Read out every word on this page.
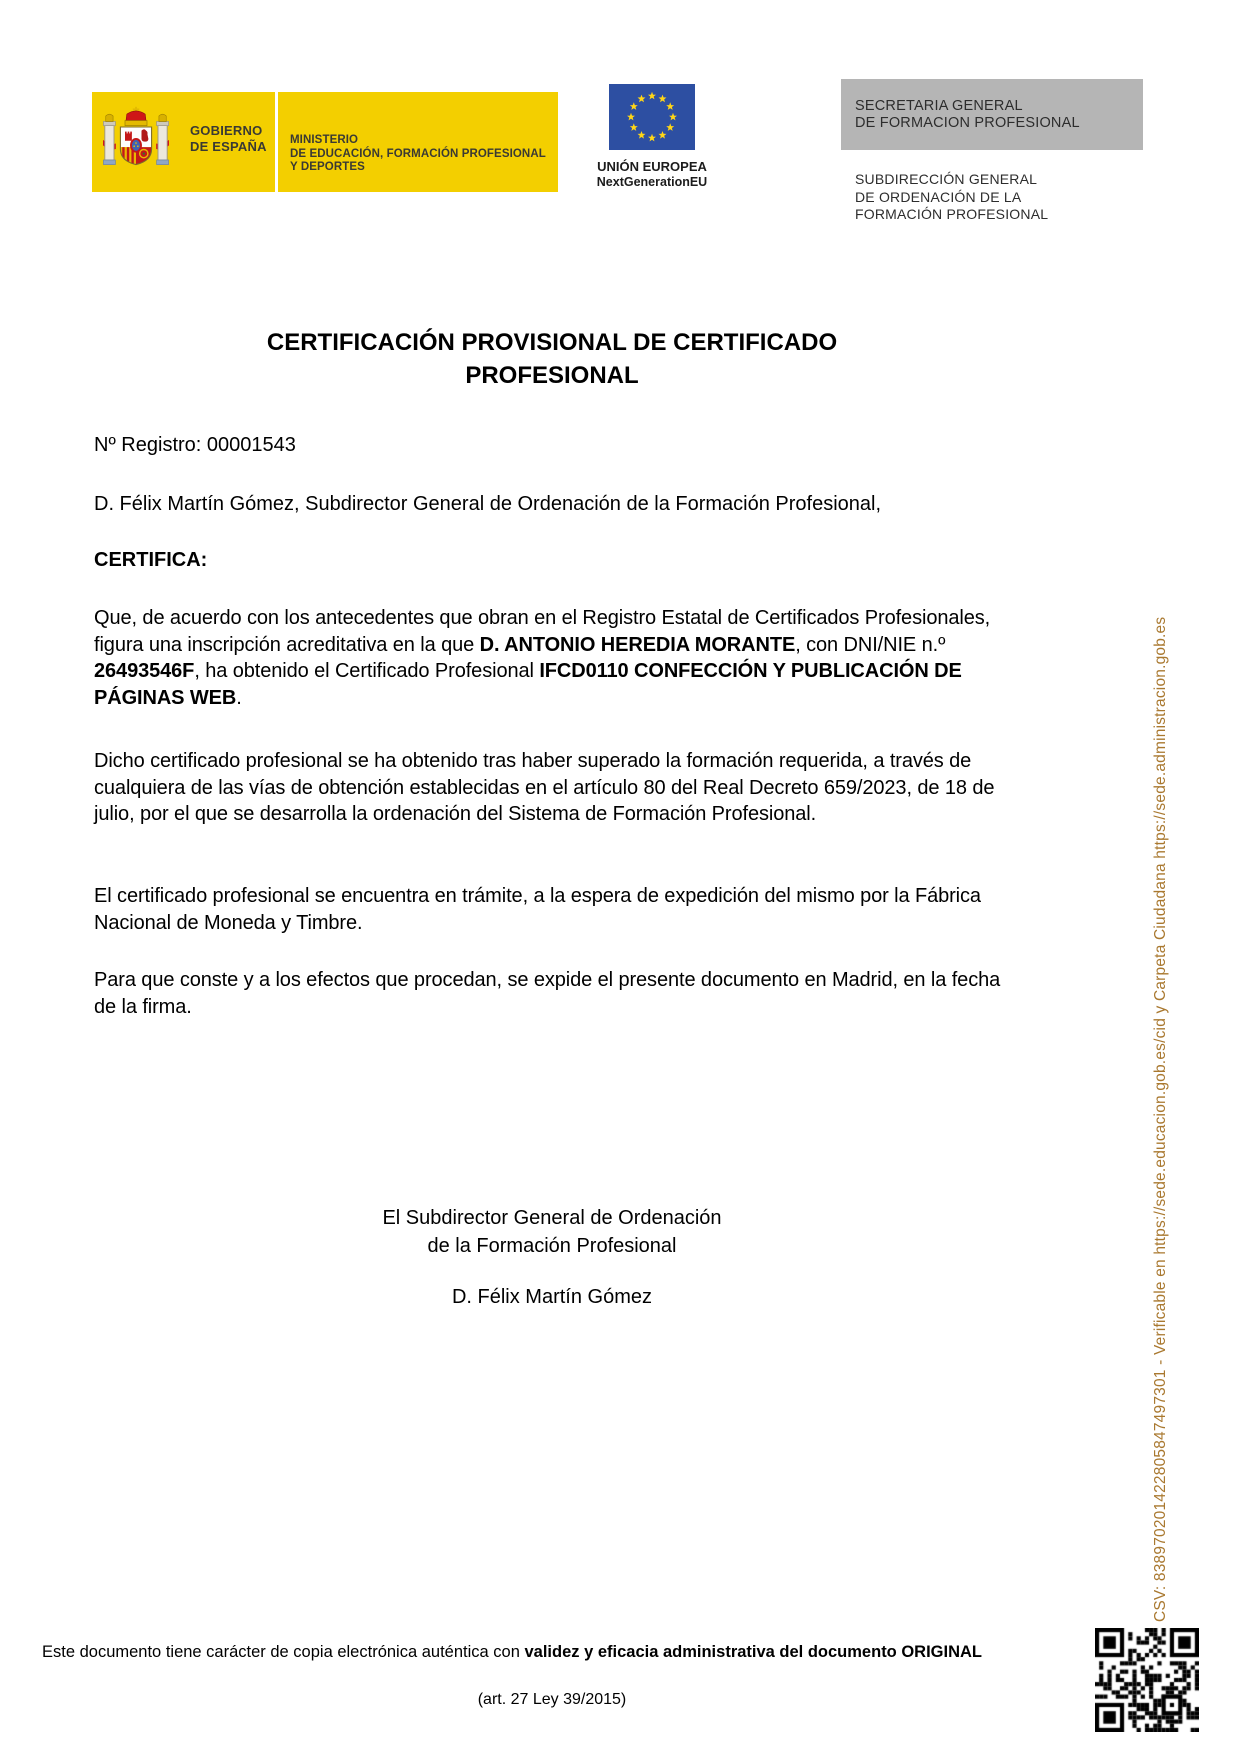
GOBIERNO
DE ESPAÑA MINISTERIO
DE EDUCACIÓN, FORMACIÓN PROFESIONAL
Y DEPORTES	UNIÓN EUROPEA
NextGenerationEU
SECRETARIA GENERAL
DE FORMACION PROFESIONAL
SUBDIRECCIÓN GENERAL
DE ORDENACIÓN DE LA
FORMACIÓN PROFESIONAL
CERTIFICACIÓN PROVISIONAL DE CERTIFICADO
PROFESIONAL
Nº Registro: 00001543
D. Félix Martín Gómez, Subdirector General de Ordenación de la Formación Profesional,
CERTIFICA:
Que, de acuerdo con los antecedentes que obran en el Registro Estatal de Certificados Profesionales, figura una inscripción acreditativa en la que D. ANTONIO HEREDIA MORANTE, con DNI/NIE n.º 26493546F, ha obtenido el Certificado Profesional IFCD0110 CONFECCIÓN Y PUBLICACIÓN DE PÁGINAS WEB.
Dicho certificado profesional se ha obtenido tras haber superado la formación requerida, a través de cualquiera de las vías de obtención establecidas en el artículo 80 del Real Decreto 659/2023, de 18 de julio, por el que se desarrolla la ordenación del Sistema de Formación Profesional.
El certificado profesional se encuentra en trámite, a la espera de expedición del mismo por la Fábrica Nacional de Moneda y Timbre.
Para que conste y a los efectos que procedan, se expide el presente documento en Madrid, en la fecha de la firma.
El Subdirector General de Ordenación
de la Formación Profesional
D. Félix Martín Gómez	CSV: 838970201422805847497301 - Verificable en https://sede.educacion.gob.es/cid y Carpeta Ciudadana https://sede.administracion.gob.es
Este documento tiene carácter de copia electrónica auténtica con validez y eficacia administrativa del documento ORIGINAL
(art. 27 Ley 39/2015)
